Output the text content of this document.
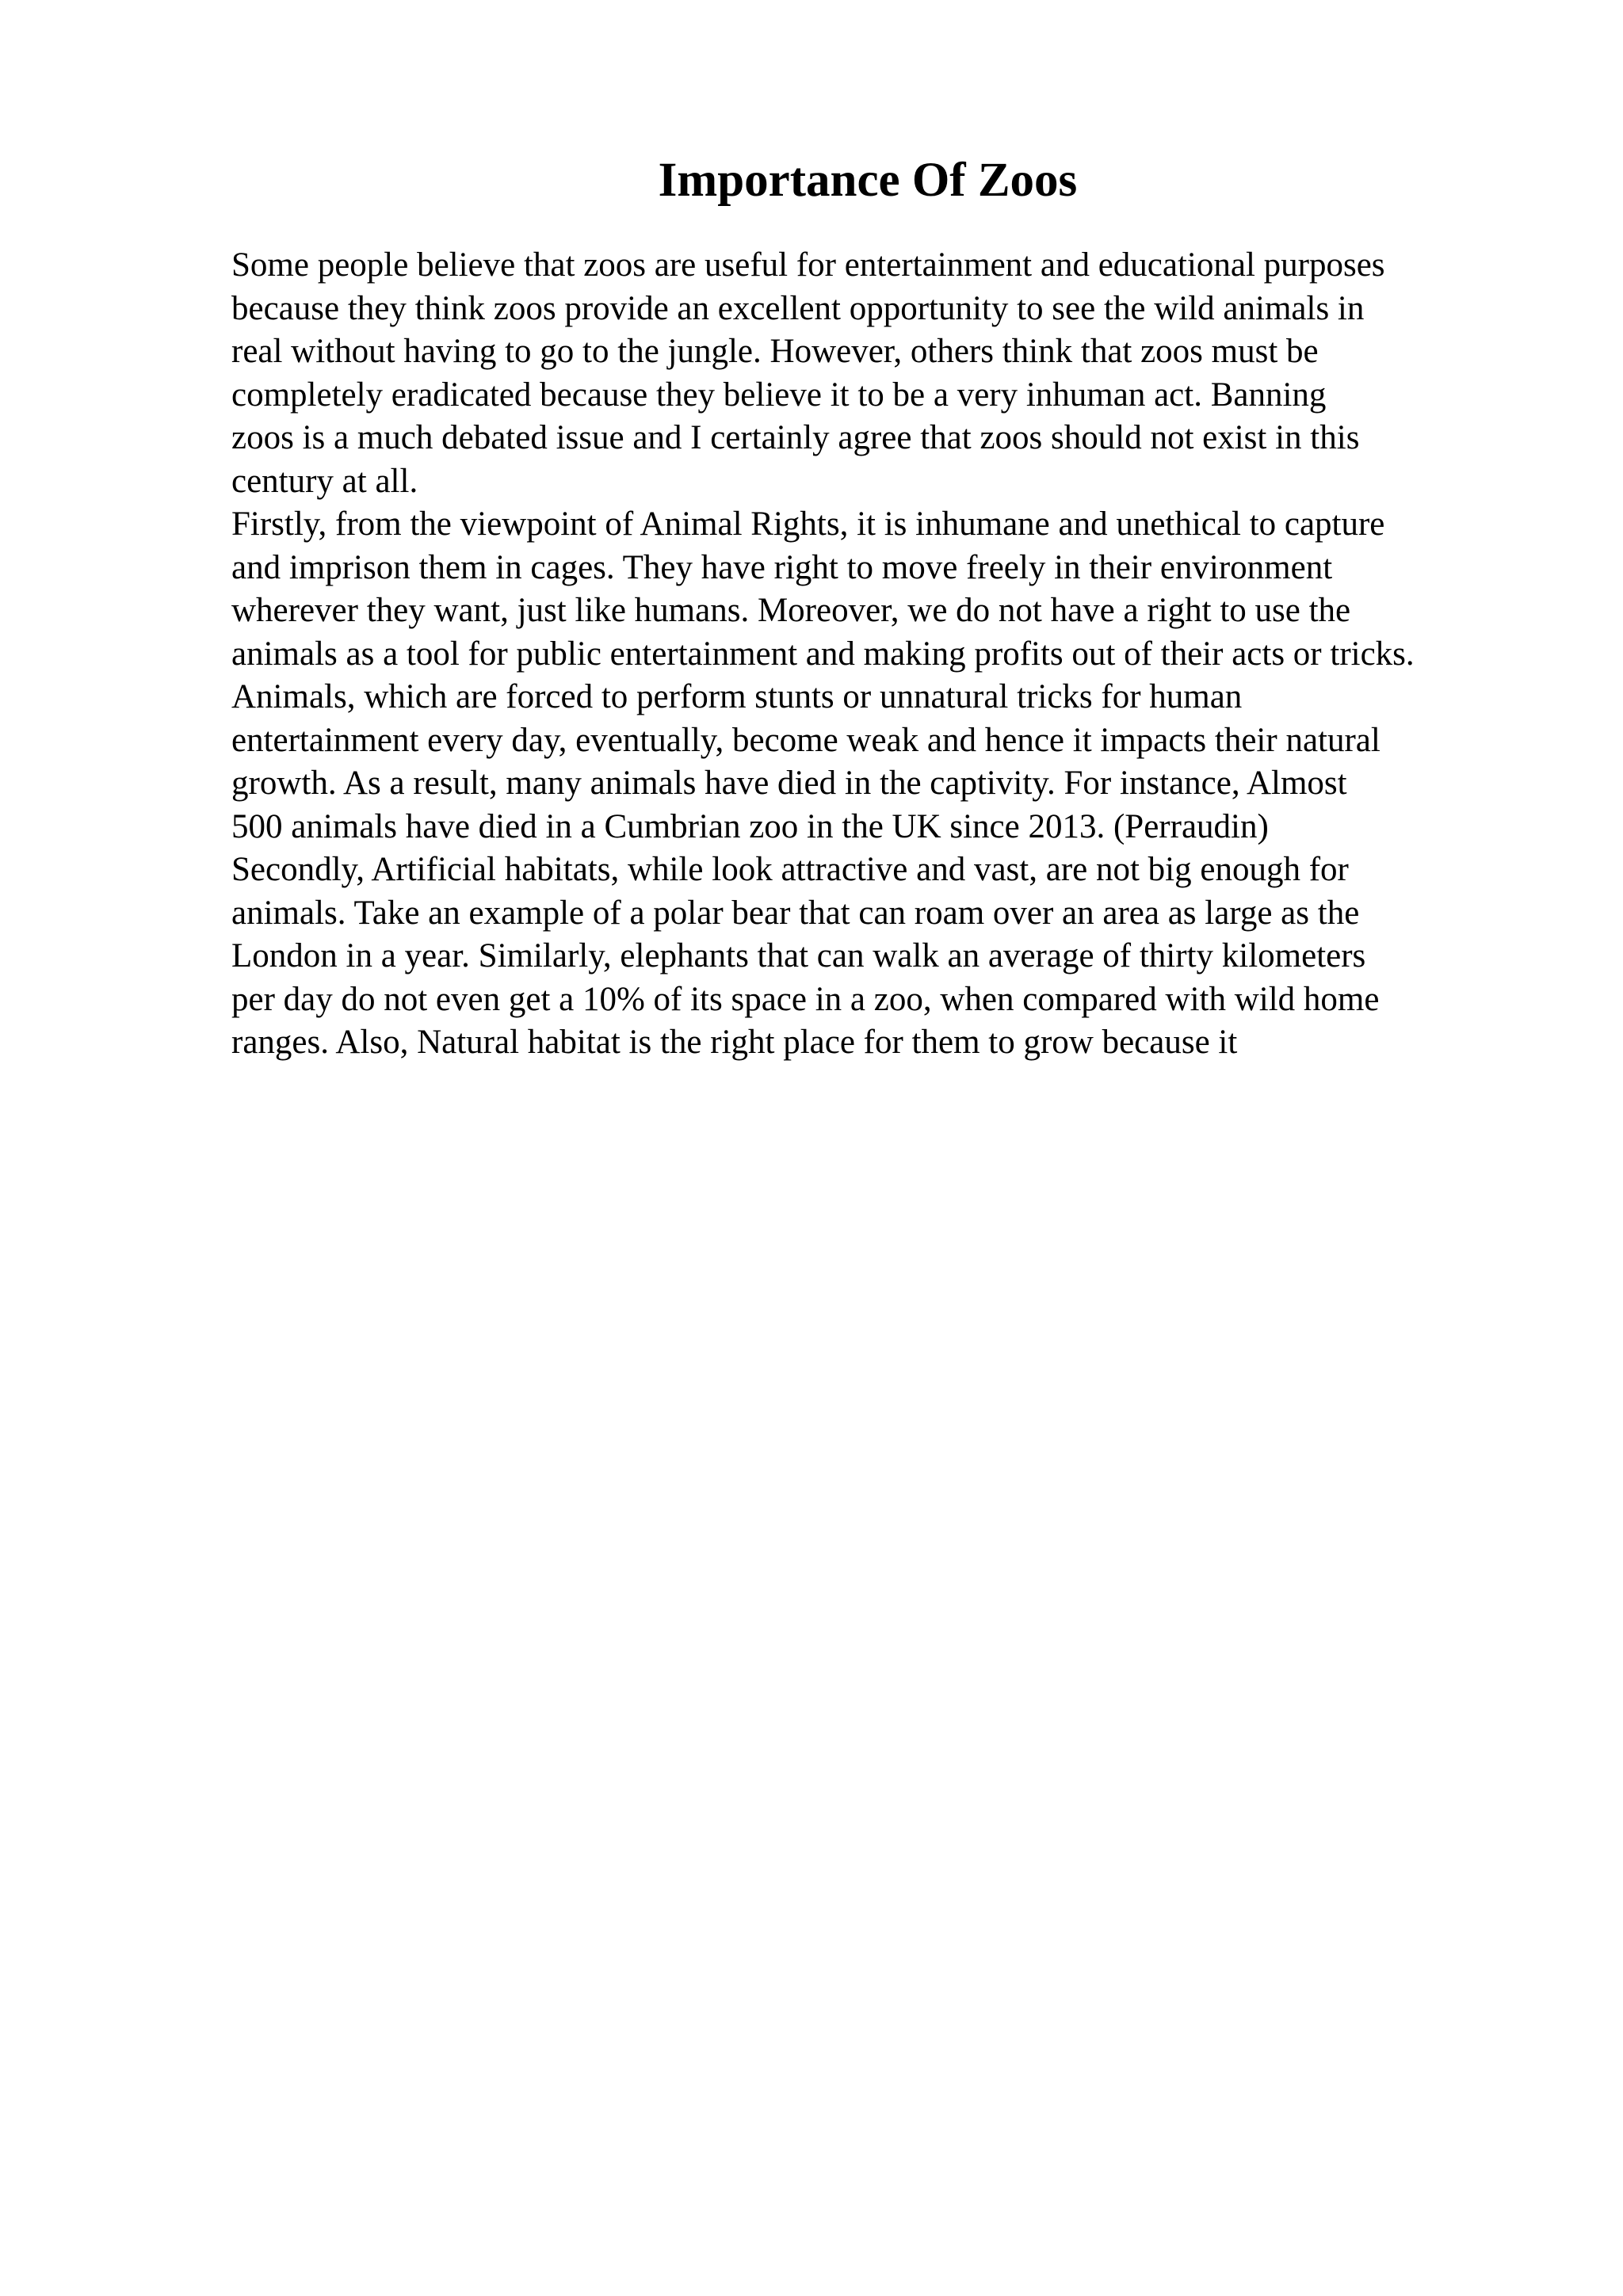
Importance Of Zoos
Some people believe that zoos are useful for entertainment and educational purposes
because they think zoos provide an excellent opportunity to see the wild animals in
real without having to go to the jungle. However, others think that zoos must be
completely eradicated because they believe it to be a very inhuman act. Banning
zoos is a much debated issue and I certainly agree that zoos should not exist in this
century at all.
Firstly, from the viewpoint of Animal Rights, it is inhumane and unethical to capture
and imprison them in cages. They have right to move freely in their environment
wherever they want, just like humans. Moreover, we do not have a right to use the
animals as a tool for public entertainment and making profits out of their acts or tricks.
Animals, which are forced to perform stunts or unnatural tricks for human
entertainment every day, eventually, become weak and hence it impacts their natural
growth. As a result, many animals have died in the captivity. For instance, Almost
500 animals have died in a Cumbrian zoo in the UK since 2013. (Perraudin)
Secondly, Artificial habitats, while look attractive and vast, are not big enough for
animals. Take an example of a polar bear that can roam over an area as large as the
London in a year. Similarly, elephants that can walk an average of thirty kilometers
per day do not even get a 10% of its space in a zoo, when compared with wild home
ranges. Also, Natural habitat is the right place for them to grow because it
